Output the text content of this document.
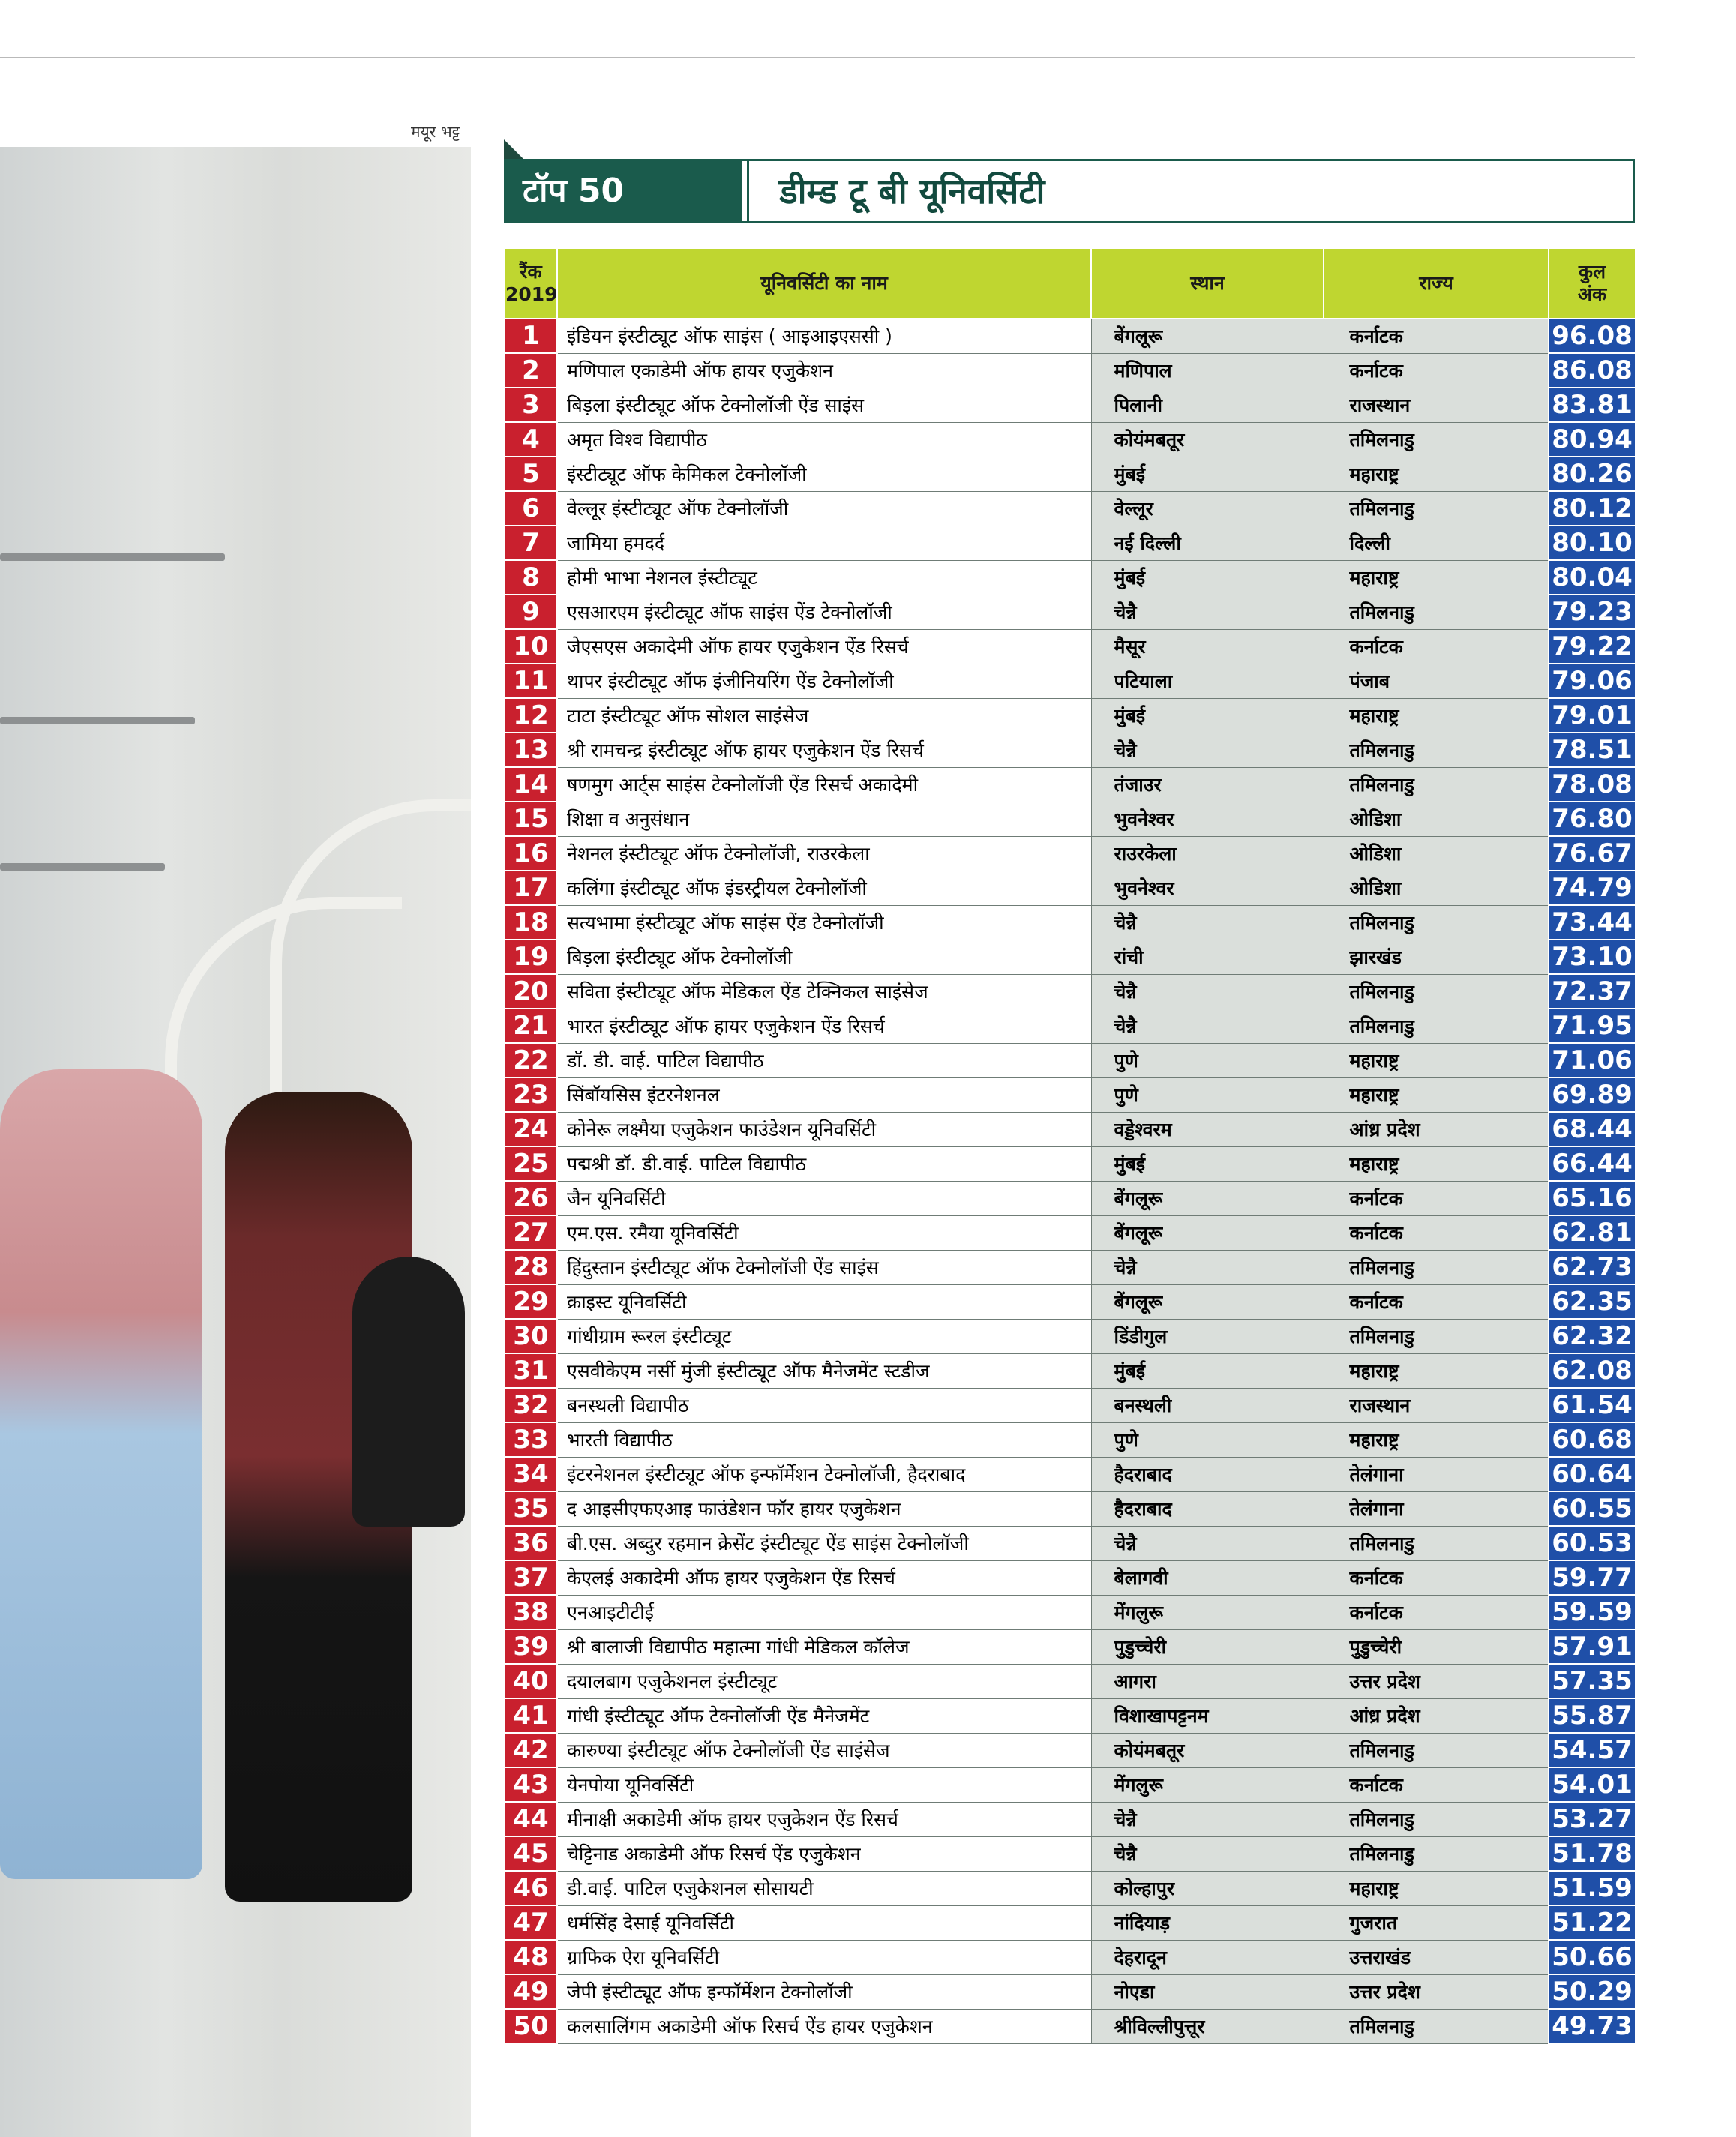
मयूर भट्ट
टॉप 50	डीम्ड टू बी यूनिवर्सिटी
रैंक
2019	यूनिवर्सिटी का नाम	स्थान	राज्य	कुल
अंक
1	इंडियन इंस्टीट्यूट ऑफ साइंस ( आइआइएससी )	बेंगलूरू	कर्नाटक	96.08
2	मणिपाल एकाडेमी ऑफ हायर एजुकेशन	मणिपाल	कर्नाटक	86.08
3	बिड़ला इंस्टीट्यूट ऑफ टेक्नोलॉजी ऐंड साइंस	पिलानी	राजस्थान	83.81
4	अमृत विश्व विद्यापीठ	कोयंमबतूर	तमिलनाडु	80.94
5	इंस्टीट्यूट ऑफ केमिकल टेक्नोलॉजी	मुंबई	महाराष्ट्र	80.26
6	वेल्लूर इंस्टीट्यूट ऑफ टेक्नोलॉजी	वेल्लूर	तमिलनाडु	80.12
7	जामिया हमदर्द	नई दिल्ली	दिल्ली	80.10
8	होमी भाभा नेशनल इंस्टीट्यूट	मुंबई	महाराष्ट्र	80.04
9	एसआरएम इंस्टीट्यूट ऑफ साइंस ऐंड टेक्नोलॉजी	चेन्नै	तमिलनाडु	79.23
10	जेएसएस अकादेमी ऑफ हायर एजुकेशन ऐंड रिसर्च	मैसूर	कर्नाटक	79.22
11	थापर इंस्टीट्यूट ऑफ इंजीनियरिंग ऐंड टेक्नोलॉजी	पटियाला	पंजाब	79.06
12	टाटा इंस्टीट्यूट ऑफ सोशल साइंसेज	मुंबई	महाराष्ट्र	79.01
13	श्री रामचन्द्र इंस्टीट्यूट ऑफ हायर एजुकेशन ऐंड रिसर्च	चेन्नै	तमिलनाडु	78.51
14	षणमुग आर्ट्स साइंस टेक्नोलॉजी ऐंड रिसर्च अकादेमी	तंजाउर	तमिलनाडु	78.08
15	शिक्षा व अनुसंधान	भुवनेश्वर	ओडिशा	76.80
16	नेशनल इंस्टीट्यूट ऑफ टेक्नोलॉजी, राउरकेला	राउरकेला	ओडिशा	76.67
17	कलिंगा इंस्टीट्यूट ऑफ इंडस्ट्रीयल टेक्नोलॉजी	भुवनेश्वर	ओडिशा	74.79
18	सत्यभामा इंस्टीट्यूट ऑफ साइंस ऐंड टेक्नोलॉजी	चेन्नै	तमिलनाडु	73.44
19	बिड़ला इंस्टीट्यूट ऑफ टेक्नोलॉजी	रांची	झारखंड	73.10
20	सविता इंस्टीट्यूट ऑफ मेडिकल ऐंड टेक्निकल साइंसेज	चेन्नै	तमिलनाडु	72.37
21	भारत इंस्टीट्यूट ऑफ हायर एजुकेशन ऐंड रिसर्च	चेन्नै	तमिलनाडु	71.95
22	डॉ. डी. वाई. पाटिल विद्यापीठ	पुणे	महाराष्ट्र	71.06
23	सिंबॉयसिस इंटरनेशनल	पुणे	महाराष्ट्र	69.89
24	कोनेरू लक्ष्मैया एजुकेशन फाउंडेशन यूनिवर्सिटी	वड्डेश्वरम	आंध्र प्रदेश	68.44
25	पद्मश्री डॉ. डी.वाई. पाटिल विद्यापीठ	मुंबई	महाराष्ट्र	66.44
26	जैन यूनिवर्सिटी	बेंगलूरू	कर्नाटक	65.16
27	एम.एस. रमैया यूनिवर्सिटी	बेंगलूरू	कर्नाटक	62.81
28	हिंदुस्तान इंस्टीट्यूट ऑफ टेक्नोलॉजी ऐंड साइंस	चेन्नै	तमिलनाडु	62.73
29	क्राइस्ट यूनिवर्सिटी	बेंगलूरू	कर्नाटक	62.35
30	गांधीग्राम रूरल इंस्टीट्यूट	डिंडीगुल	तमिलनाडु	62.32
31	एसवीकेएम नर्सी मुंजी इंस्टीट्यूट ऑफ मैनेजमेंट स्टडीज	मुंबई	महाराष्ट्र	62.08
32	बनस्थली विद्यापीठ	बनस्थली	राजस्थान	61.54
33	भारती विद्यापीठ	पुणे	महाराष्ट्र	60.68
34	इंटरनेशनल इंस्टीट्यूट ऑफ इन्फॉर्मेशन टेक्नोलॉजी, हैदराबाद	हैदराबाद	तेलंगाना	60.64
35	द आइसीएफएआइ फाउंडेशन फॉर हायर एजुकेशन	हैदराबाद	तेलंगाना	60.55
36	बी.एस. अब्दुर रहमान क्रेसेंट इंस्टीट्यूट ऐंड साइंस टेक्नोलॉजी	चेन्नै	तमिलनाडु	60.53
37	केएलई अकादेमी ऑफ हायर एजुकेशन ऐंड रिसर्च	बेलागवी	कर्नाटक	59.77
38	एनआइटीटीई	मेंगलुरू	कर्नाटक	59.59
39	श्री बालाजी विद्यापीठ महात्मा गांधी मेडिकल कॉलेज	पुडुच्चेरी	पुडुच्चेरी	57.91
40	दयालबाग एजुकेशनल इंस्टीट्यूट	आगरा	उत्तर प्रदेश	57.35
41	गांधी इंस्टीट्यूट ऑफ टेक्नोलॉजी ऐंड मैनेजमेंट	विशाखापट्टनम	आंध्र प्रदेश	55.87
42	कारुण्या इंस्टीट्यूट ऑफ टेक्नोलॉजी ऐंड साइंसेज	कोयंमबतूर	तमिलनाडु	54.57
43	येनपोया यूनिवर्सिटी	मेंगलुरू	कर्नाटक	54.01
44	मीनाक्षी अकाडेमी ऑफ हायर एजुकेशन ऐंड रिसर्च	चेन्नै	तमिलनाडु	53.27
45	चेट्टिनाड अकाडेमी ऑफ रिसर्च ऐंड एजुकेशन	चेन्नै	तमिलनाडु	51.78
46	डी.वाई. पाटिल एजुकेशनल सोसायटी	कोल्हापुर	महाराष्ट्र	51.59
47	धर्मसिंह देसाई यूनिवर्सिटी	नांदियाड़	गुजरात	51.22
48	ग्राफिक ऐरा यूनिवर्सिटी	देहरादून	उत्तराखंड	50.66
49	जेपी इंस्टीट्यूट ऑफ इन्फॉर्मेशन टेक्नोलॉजी	नोएडा	उत्तर प्रदेश	50.29
50	कलसालिंगम अकाडेमी ऑफ रिसर्च ऐंड हायर एजुकेशन	श्रीविल्लीपुत्तूर	तमिलनाडु	49.73
